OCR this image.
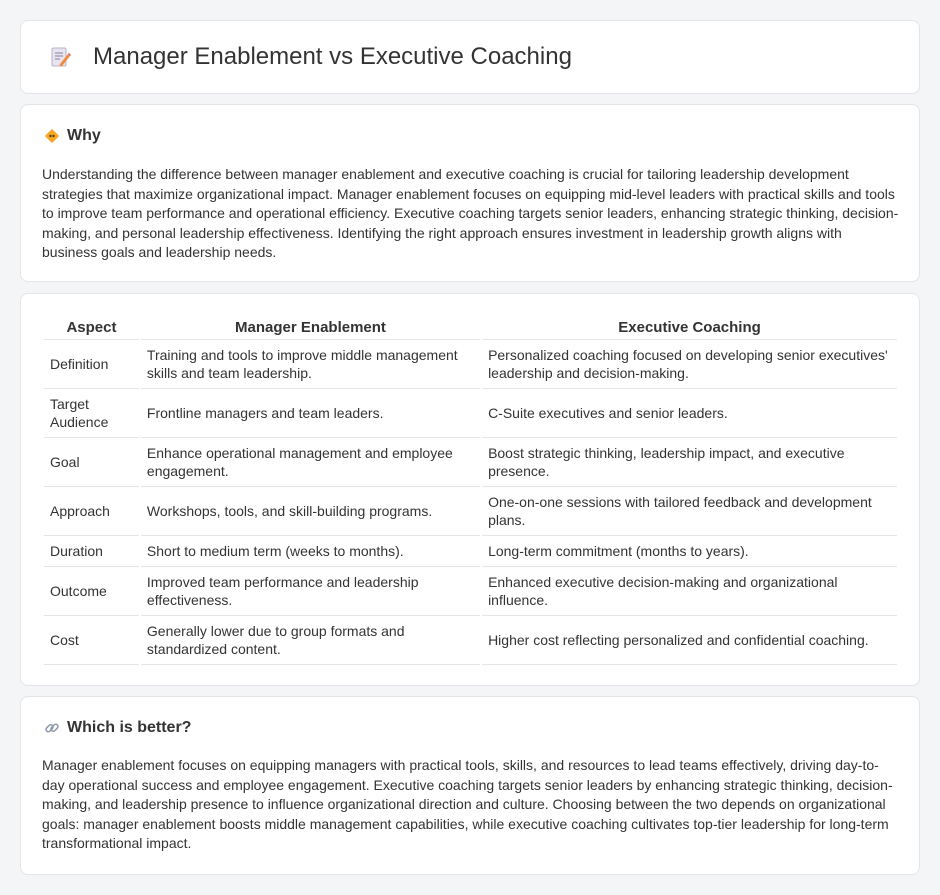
Manager Enablement vs Executive Coaching
Why

Understanding the difference between manager enablement and executive coaching is crucial for tailoring leadership development strategies that maximize organizational impact. Manager enablement focuses on equipping mid-level leaders with practical skills and tools to improve team performance and operational efficiency. Executive coaching targets senior leaders, enhancing strategic thinking, decision-making, and personal leadership effectiveness. Identifying the right approach ensures investment in leadership growth aligns with business goals and leadership needs.

Aspect	Manager Enablement	Executive Coaching
Definition	Training and tools to improve middle management skills and team leadership.	Personalized coaching focused on developing senior executives' leadership and decision-making.
Target Audience	Frontline managers and team leaders.	C-Suite executives and senior leaders.
Goal	Enhance operational management and employee engagement.	Boost strategic thinking, leadership impact, and executive presence.
Approach	Workshops, tools, and skill-building programs.	One-on-one sessions with tailored feedback and development plans.
Duration	Short to medium term (weeks to months).	Long-term commitment (months to years).
Outcome	Improved team performance and leadership effectiveness.	Enhanced executive decision-making and organizational influence.
Cost	Generally lower due to group formats and standardized content.	Higher cost reflecting personalized and confidential coaching.
Which is better?

Manager enablement focuses on equipping managers with practical tools, skills, and resources to lead teams effectively, driving day-to-day operational success and employee engagement. Executive coaching targets senior leaders by enhancing strategic thinking, decision-making, and leadership presence to influence organizational direction and culture. Choosing between the two depends on organizational goals: manager enablement boosts middle management capabilities, while executive coaching cultivates top-tier leadership for long-term transformational impact.
